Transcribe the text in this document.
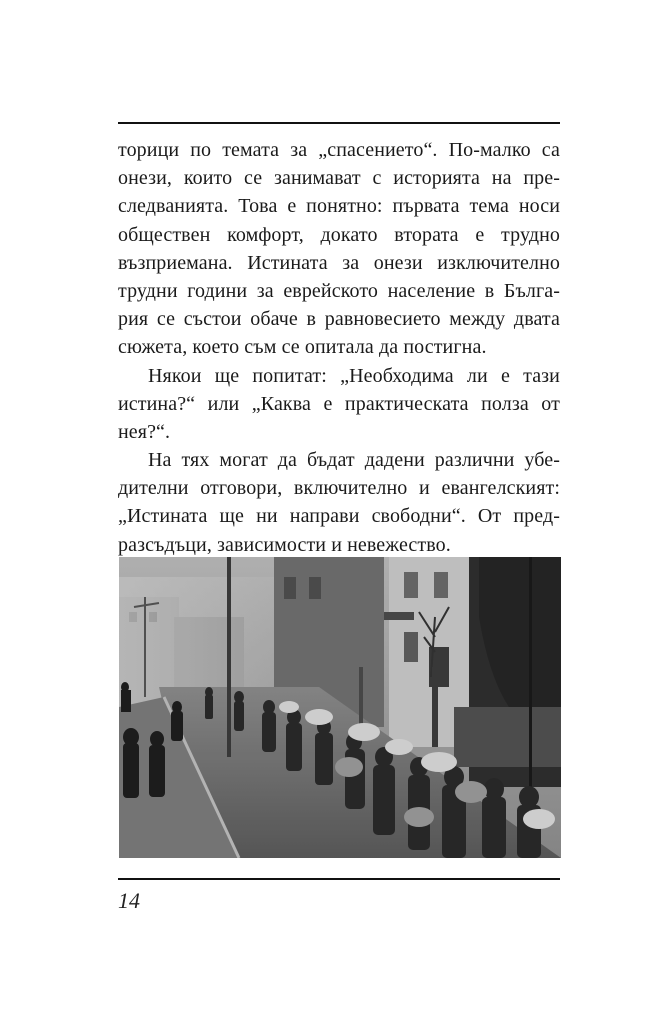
торици по темата за „спасението“. По-малко са
онези, които се занимават с историята на пре-
следванията. Това е понятно: първата тема носи
обществен комфорт, докато втората е трудно
възприемана. Истината за онези изключително
трудни години за еврейското население в Бълга-
рия се състои обаче в равновесието между двата
сюжета, което съм се опитала да постигна.
Някои ще попитат: „Необходима ли е тази
истина?“ или „Каква е практическата полза от
нея?“.
На тях могат да бъдат дадени различни убе-
дителни отговори, включително и евангелският:
„Истината ще ни направи свободни“. От пред-
разсъдъци, зависимости и невежество.
14
